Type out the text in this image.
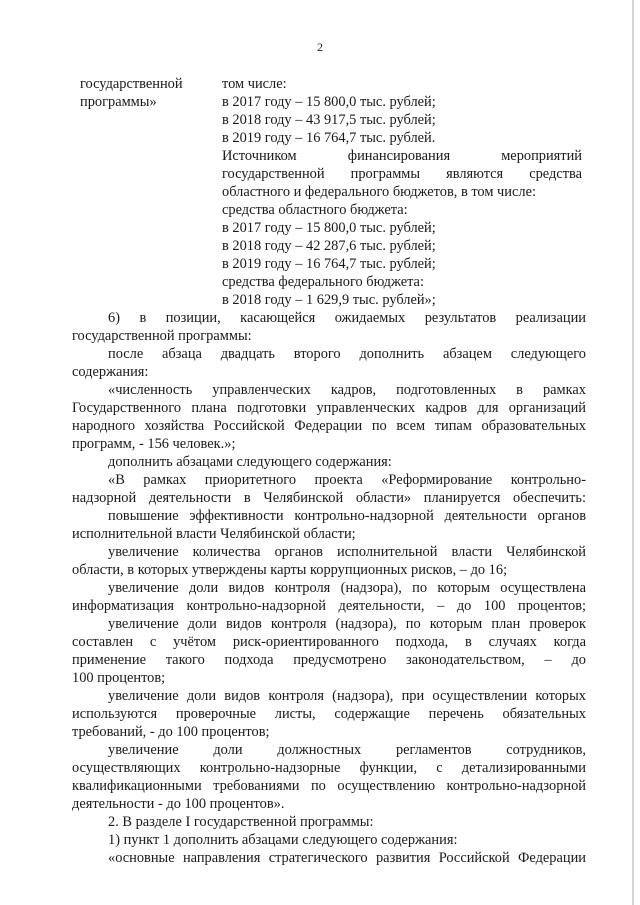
2
государственной
программы»
том числе:
в 2017 году – 15 800,0 тыс. рублей;
в 2018 году – 43 917,5 тыс. рублей;
в 2019 году – 16 764,7 тыс. рублей.
Источником финансирования мероприятий
государственной программы являются средства
областного и федерального бюджетов, в том числе:
средства областного бюджета:
в 2017 году – 15 800,0 тыс. рублей;
в 2018 году – 42 287,6 тыс. рублей;
в 2019 году – 16 764,7 тыс. рублей;
средства федерального бюджета:
в 2018 году – 1 629,9 тыс. рублей»;
6) в позиции, касающейся ожидаемых результатов реализации
государственной программы:
после абзаца двадцать второго дополнить абзацем следующего
содержания:
«численность управленческих кадров, подготовленных в рамках
Государственного плана подготовки управленческих кадров для организаций
народного хозяйства Российской Федерации по всем типам образовательных
программ, - 156 человек.»;
дополнить абзацами следующего содержания:
«В рамках приоритетного проекта «Реформирование контрольно-
надзорной деятельности в Челябинской области» планируется обеспечить:
повышение эффективности контрольно-надзорной деятельности органов
исполнительной власти Челябинской области;
увеличение количества органов исполнительной власти Челябинской
области, в которых утверждены карты коррупционных рисков, – до 16;
увеличение доли видов контроля (надзора), по которым осуществлена
информатизация контрольно-надзорной деятельности, – до 100 процентов;
увеличение доли видов контроля (надзора), по которым план проверок
составлен с учётом риск-ориентированного подхода, в случаях когда
применение такого подхода предусмотрено законодательством, – до
100 процентов;
увеличение доли видов контроля (надзора), при осуществлении которых
используются проверочные листы, содержащие перечень обязательных
требований, - до 100 процентов;
увеличение доли должностных регламентов сотрудников,
осуществляющих контрольно-надзорные функции, с детализированными
квалификационными требованиями по осуществлению контрольно-надзорной
деятельности - до 100 процентов».
2. В разделе I государственной программы:
1) пункт 1 дополнить абзацами следующего содержания:
«основные направления стратегического развития Российской Федерации
